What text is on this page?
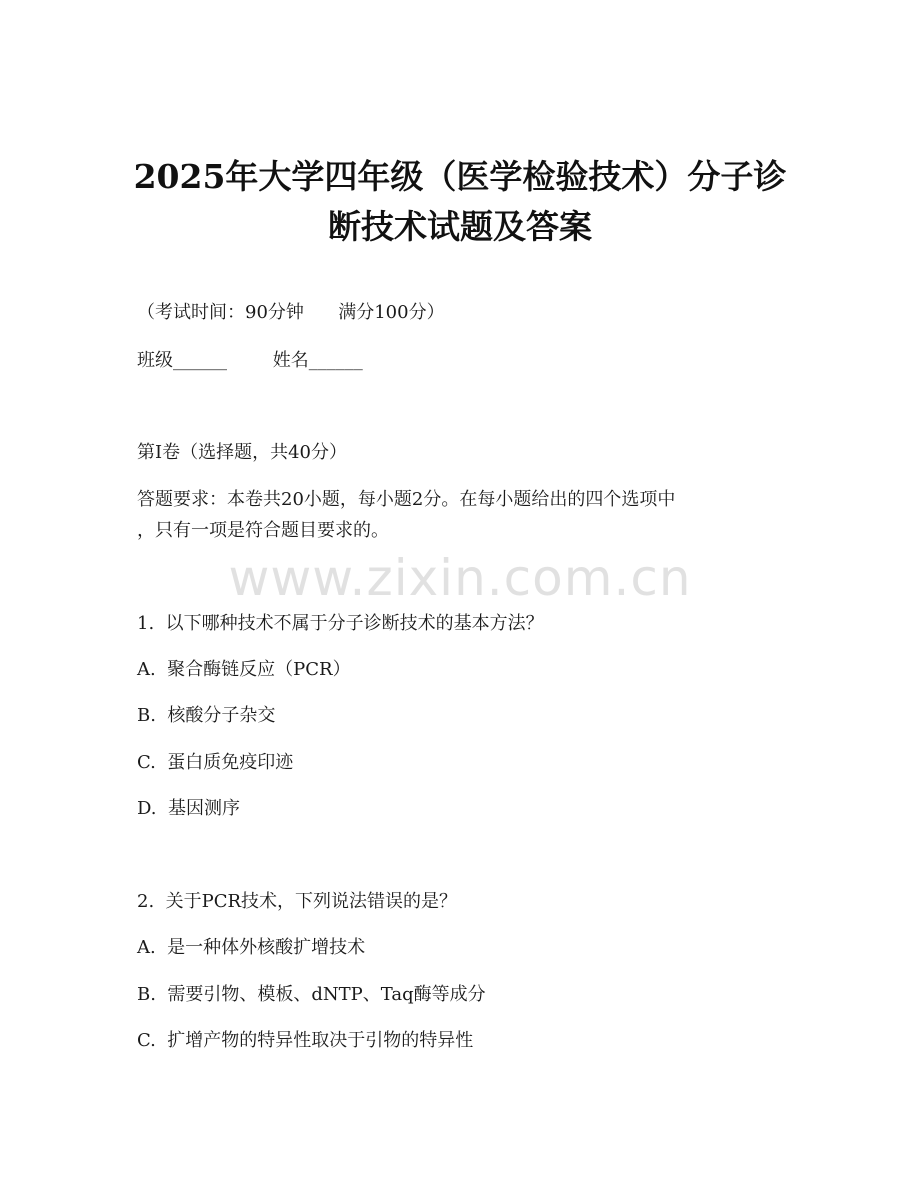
2025年大学四年级（医学检验技术）分子诊
断技术试题及答案
（考试时间：90分钟      满分100分）
班级______        姓名______
第I卷（选择题，共40分）
答题要求：本卷共20小题，每小题2分。在每小题给出的四个选项中
，只有一项是符合题目要求的。
www.zixin.com.cn
1.  以下哪种技术不属于分子诊断技术的基本方法？
A.  聚合酶链反应（PCR）
B.  核酸分子杂交
C.  蛋白质免疫印迹
D.  基因测序
2.  关于PCR技术，下列说法错误的是？
A.  是一种体外核酸扩增技术
B.  需要引物、模板、dNTP、Taq酶等成分
C.  扩增产物的特异性取决于引物的特异性
